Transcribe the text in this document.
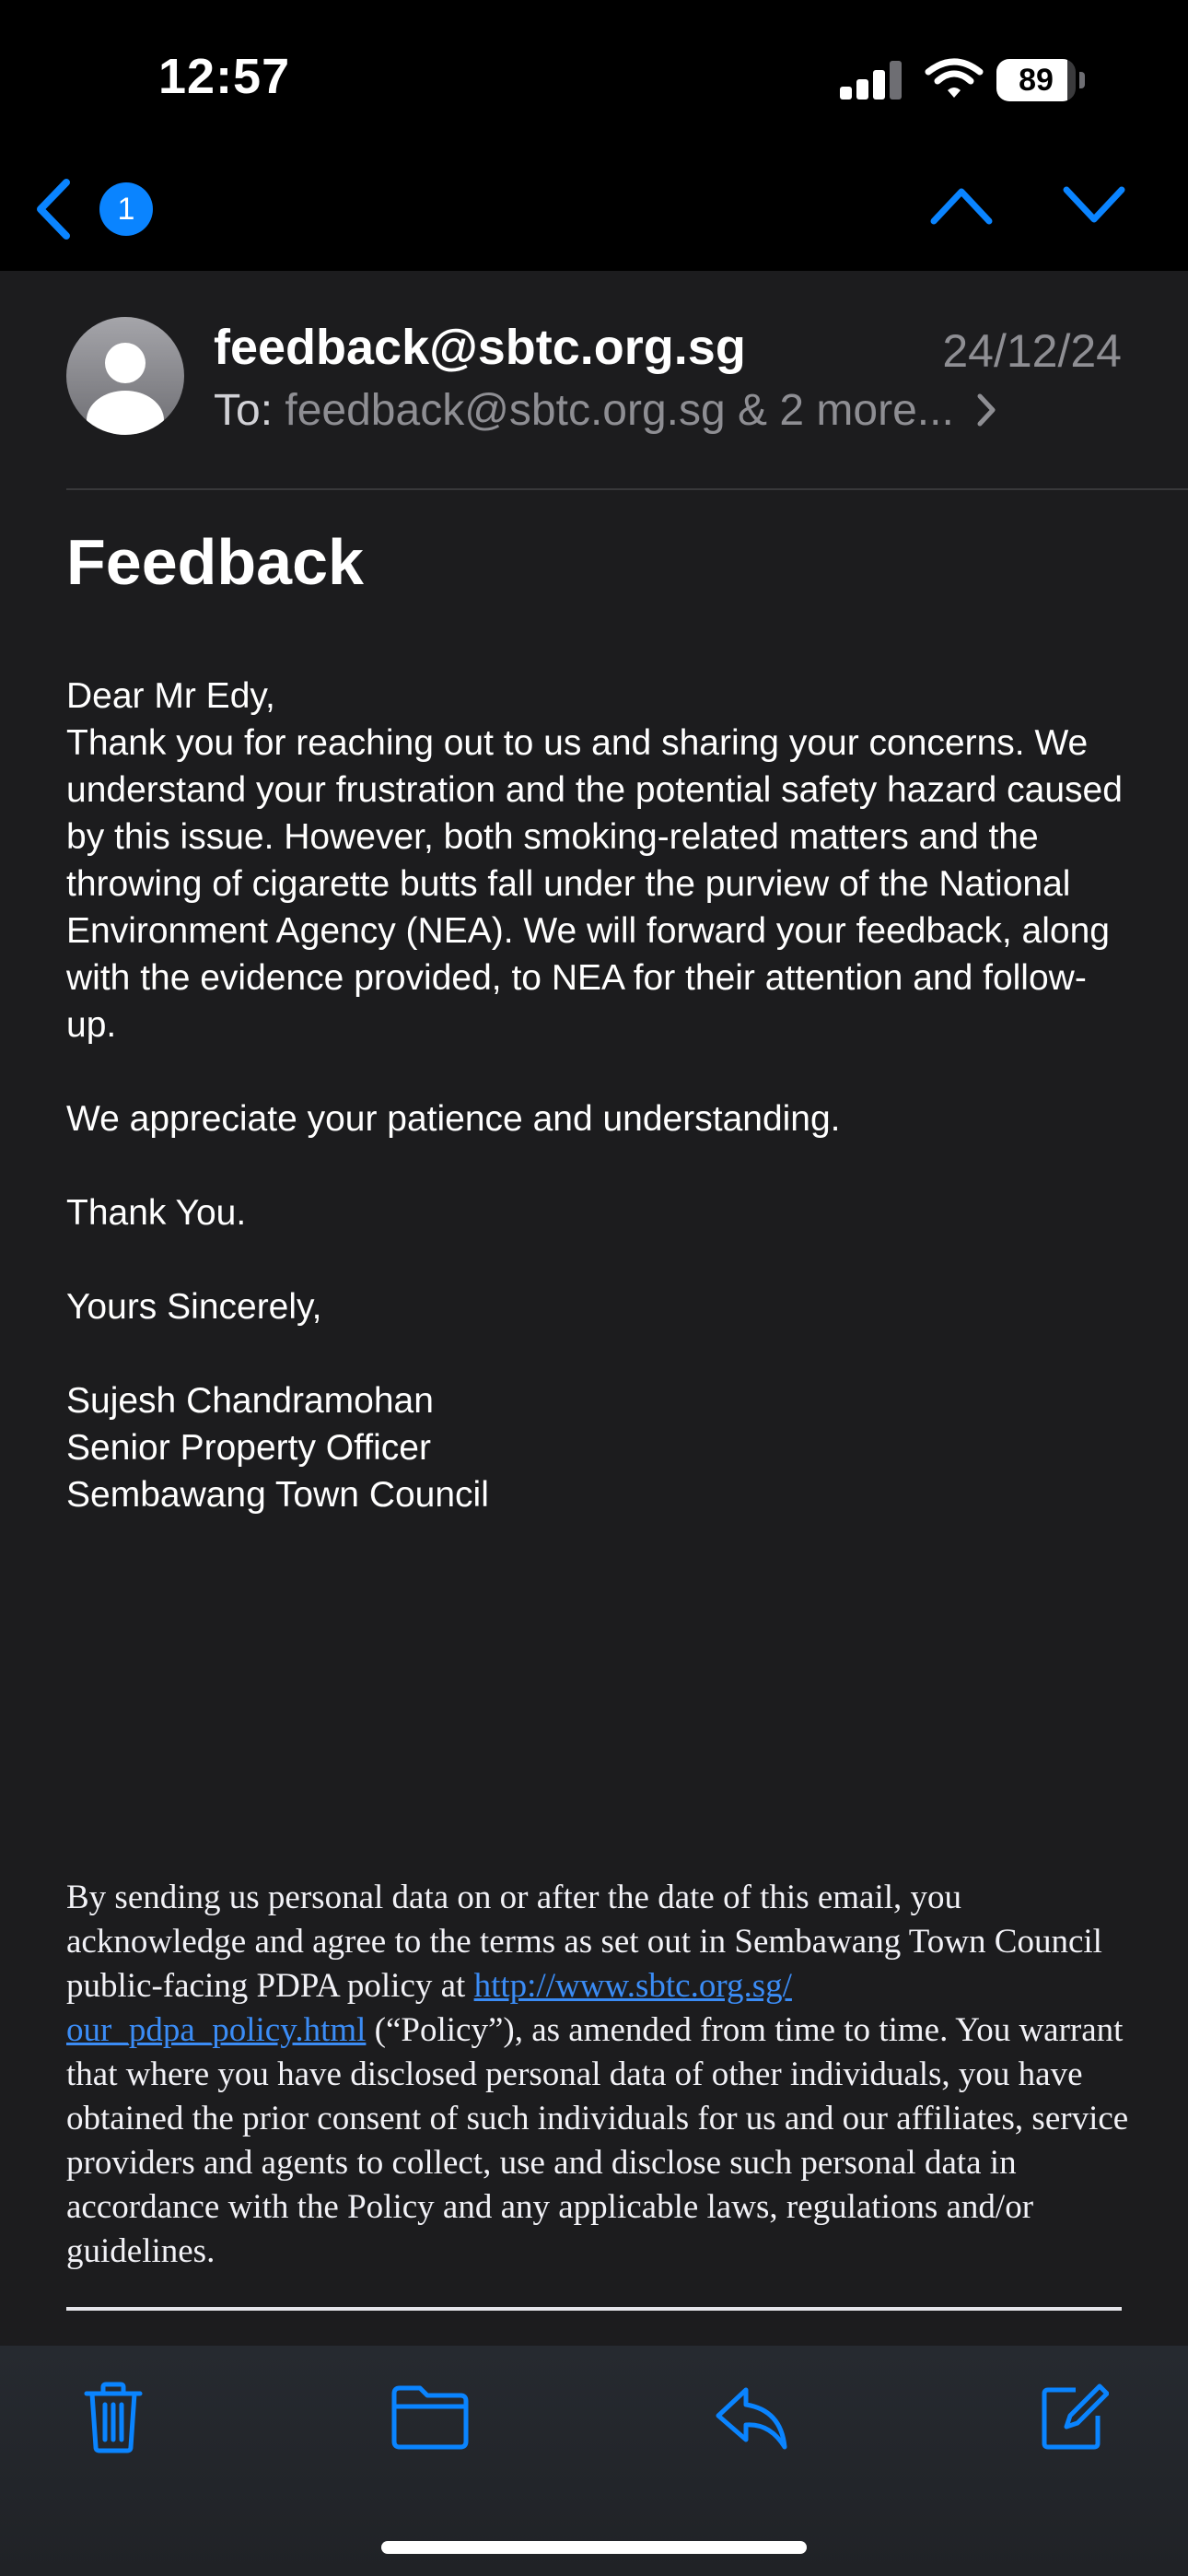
12:57	89
1
feedback@sbtc.org.sg	24/12/24
To: feedback@sbtc.org.sg & 2 more...
Feedback

Dear Mr Edy,

Thank you for reaching out to us and sharing your concerns. We understand your frustration and the potential safety hazard caused by this issue. However, both smoking-related matters and the throwing of cigarette butts fall under the purview of the National Environment Agency (NEA). We will forward your feedback, along with the evidence provided, to NEA for their attention and follow-up.

We appreciate your patience and understanding.

Thank You.

Yours Sincerely,

Sujesh Chandramohan

Senior Property Officer

Sembawang Town Council

By sending us personal data on or after the date of this email, you acknowledge and agree to the terms as set out in Sembawang Town Council public-facing PDPA policy at http://www.sbtc.org.sg/
our_pdpa_policy.html (“Policy”), as amended from time to time. You warrant that where you have disclosed personal data of other individuals, you have obtained the prior consent of such individuals for us and our affiliates, service providers and agents to collect, use and disclose such personal data in accordance with the Policy and any applicable laws, regulations and/or guidelines.
